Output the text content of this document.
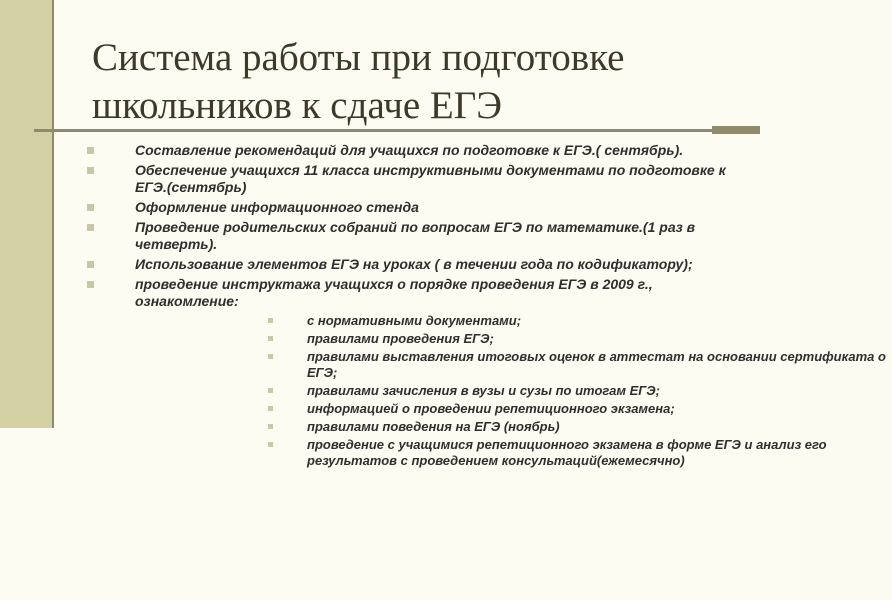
Система работы при подготовке
школьников к сдаче ЕГЭ
Составление рекомендаций для учащихся по подготовке к ЕГЭ.( сентябрь).
Обеспечение учащихся 11 класса инструктивными документами по подготовке к ЕГЭ.(сентябрь)
Оформление информационного стенда
Проведение родительских собраний по вопросам ЕГЭ по математике.(1 раз в четверть).
Использование элементов ЕГЭ на уроках ( в течении года по кодификатору);
проведение инструктажа учащихся о порядке проведения ЕГЭ в 2009 г., ознакомление:
с нормативными документами;
правилами проведения ЕГЭ;
правилами выставления итоговых оценок в аттестат на основании сертификата о ЕГЭ;
правилами зачисления в вузы и сузы по итогам ЕГЭ;
информацией о проведении репетиционного экзамена;
правилами поведения на ЕГЭ (ноябрь)
проведение с учащимися репетиционного экзамена в форме ЕГЭ и анализ его результатов с проведением консультаций(ежемесячно)
